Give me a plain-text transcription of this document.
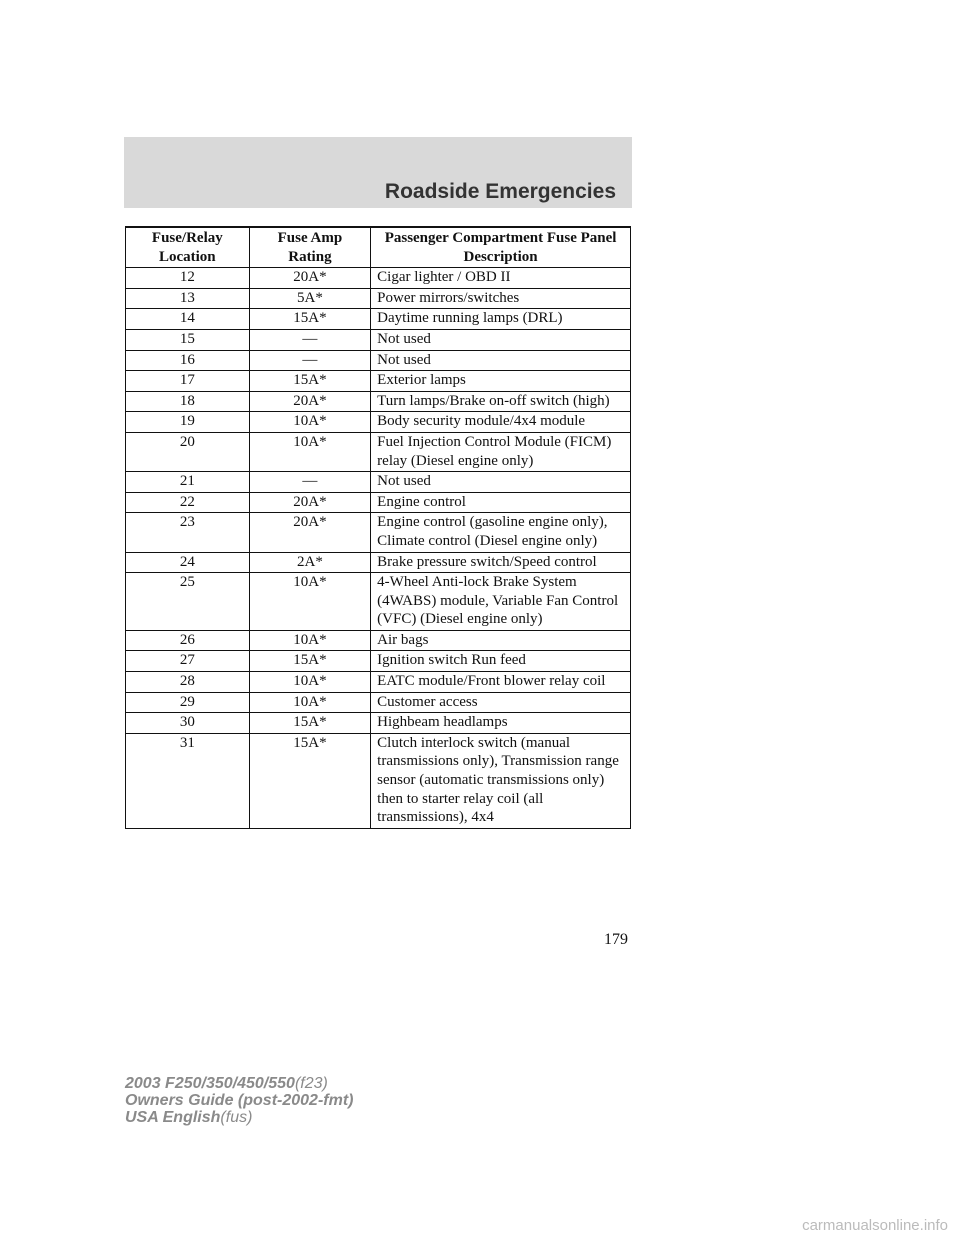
Roadside Emergencies
Fuse/Relay Location	Fuse Amp Rating	Passenger Compartment Fuse Panel Description
12	20A*	Cigar lighter / OBD II
13	5A*	Power mirrors/switches
14	15A*	Daytime running lamps (DRL)
15	—	Not used
16	—	Not used
17	15A*	Exterior lamps
18	20A*	Turn lamps/Brake on-off switch (high)
19	10A*	Body security module/4x4 module
20	10A*	Fuel Injection Control Module (FICM) relay (Diesel engine only)
21	—	Not used
22	20A*	Engine control
23	20A*	Engine control (gasoline engine only), Climate control (Diesel engine only)
24	2A*	Brake pressure switch/Speed control
25	10A*	4-Wheel Anti-lock Brake System (4WABS) module, Variable Fan Control (VFC) (Diesel engine only)
26	10A*	Air bags
27	15A*	Ignition switch Run feed
28	10A*	EATC module/Front blower relay coil
29	10A*	Customer access
30	15A*	Highbeam headlamps
31	15A*	Clutch interlock switch (manual transmissions only), Transmission range sensor (automatic transmissions only) then to starter relay coil (all transmissions), 4x4
179
2003 F250/350/450/550(f23)
Owners Guide (post-2002-fmt)
USA English(fus)
carmanualsonline.info
